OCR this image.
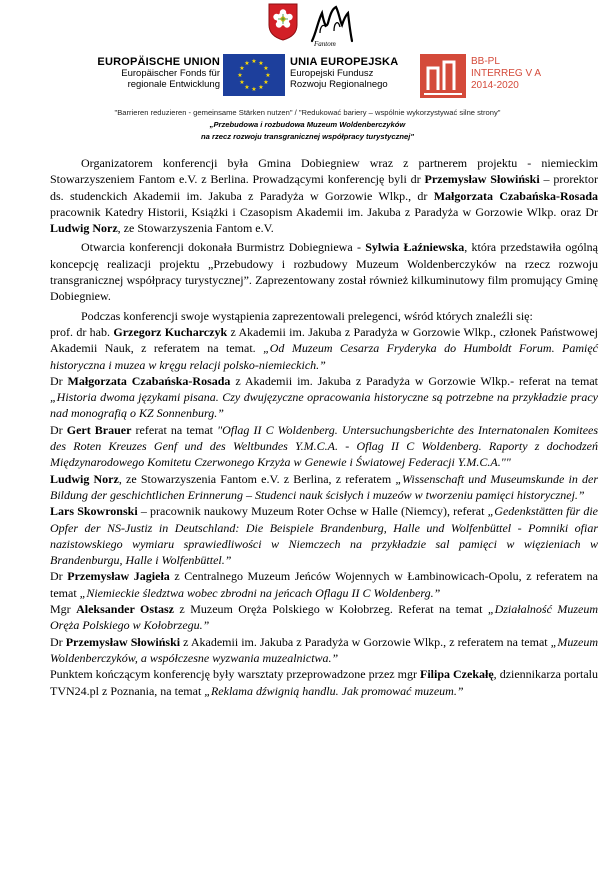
Fantom
EUROPÄISCHE UNION
Europäischer Fonds für
regionale Entwicklung
★ ★
★
★
★
★
★
★
★
★
★
★	UNIA EUROPEJSKA
Europejski Fundusz
Rozwoju Regionalnego
BB-PL
INTERREG V A
2014-2020
"Barrieren reduzieren - gemeinsame Stärken nutzen" / "Redukować bariery – wspólnie wykorzystywać silne strony"
„Przebudowa i rozbudowa Muzeum Woldenberczyków
na rzecz rozwoju transgranicznej współpracy turystycznej"

Organizatorem konferencji była Gmina Dobiegniew wraz z partnerem projektu - niemieckim Stowarzyszeniem Fantom e.V. z Berlina. Prowadzącymi konferencję byli dr Przemysław Słowiński – prorektor ds. studenckich Akademii im. Jakuba z Paradyża w Gorzowie Wlkp., dr Małgorzata Czabańska-Rosada pracownik Katedry Historii, Książki i Czasopism Akademii im. Jakuba z Paradyża w Gorzowie Wlkp. oraz Dr Ludwig Norz, ze Stowarzyszenia Fantom e.V.

Otwarcia konferencji dokonała Burmistrz Dobiegniewa - Sylwia Łaźniewska, która przedstawiła ogólną koncepcję realizacji projektu „Przebudowy i rozbudowy Muzeum Woldenberczyków na rzecz rozwoju transgranicznej współpracy turystycznej”. Zaprezentowany został również kilkuminutowy film promujący Gminę Dobiegniew.

Podczas konferencji swoje wystąpienia zaprezentowali prelegenci, wśród których znaleźli się:

prof. dr hab. Grzegorz Kucharczyk z Akademii im. Jakuba z Paradyża w Gorzowie Wlkp., członek Państwowej Akademii Nauk, z referatem na temat. „Od Muzeum Cesarza Fryderyka do Humboldt Forum. Pamięć historyczna i muzea w kręgu relacji polsko-niemieckich.”

Dr Małgorzata Czabańska-Rosada z Akademii im. Jakuba z Paradyża w Gorzowie Wlkp.- referat na temat „Historia dwoma językami pisana. Czy dwujęzyczne opracowania historyczne są potrzebne na przykładzie pracy nad monografią o KZ Sonnenburg.”

Dr Gert Brauer referat na temat "Oflag II C Woldenberg. Untersuchungsberichte des Internatonalen Komitees des Roten Kreuzes Genf und des Weltbundes Y.M.C.A. - Oflag II C Woldenberg. Raporty z dochodzeń Międzynarodowego Komitetu Czerwonego Krzyża w Genewie i Światowej Federacji Y.M.C.A.""

Ludwig Norz, ze Stowarzyszenia Fantom e.V. z Berlina, z referatem „Wissenschaft und Museumskunde in der Bildung der geschichtlichen Erinnerung – Studenci nauk ścisłych i muzeów w tworzeniu pamięci historycznej.”

Lars Skowronski – pracownik naukowy Muzeum Roter Ochse w Halle (Niemcy), referat „Gedenkstätten für die Opfer der NS-Justiz in Deutschland: Die Beispiele Brandenburg, Halle und Wolfenbüttel - Pomniki ofiar nazistowskiego wymiaru sprawiedliwości w Niemczech na przykładzie sal pamięci w więzieniach w Brandenburgu, Halle i Wolfenbüttel.”

Dr Przemysław Jagieła z Centralnego Muzeum Jeńców Wojennych w Łambinowicach-Opolu, z referatem na temat „Niemieckie śledztwa wobec zbrodni na jeńcach Oflagu II C Woldenberg.”

Mgr Aleksander Ostasz z Muzeum Oręża Polskiego w Kołobrzeg. Referat na temat „Działalność Muzeum Oręża Polskiego w Kołobrzegu.”

Dr Przemysław Słowiński z Akademii im. Jakuba z Paradyża w Gorzowie Wlkp., z referatem na temat „Muzeum Woldenberczyków, a współczesne wyzwania muzealnictwa.”

Punktem kończącym konferencję były warsztaty przeprowadzone przez mgr Filipa Czekałę, dziennikarza portalu TVN24.pl z Poznania, na temat „Reklama dźwignią handlu. Jak promować muzeum.”
